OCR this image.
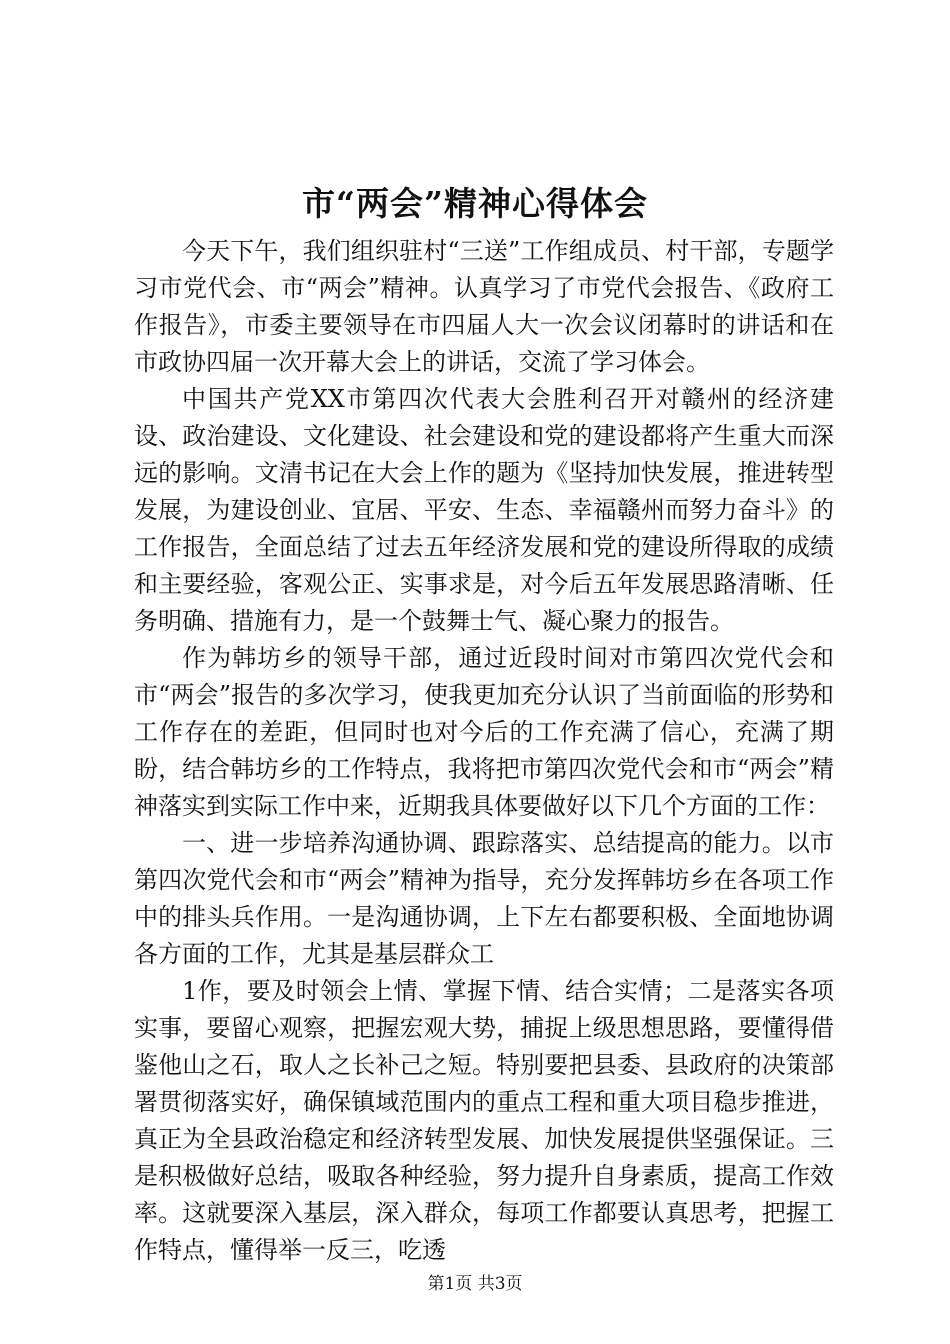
市“两会”精神心得体会

今天下午，我们组织驻村“三送”工作组成员、村干部，专题学习市党代会、市“两会”精神。认真学习了市党代会报告、《政府工作报告》，市委主要领导在市四届人大一次会议闭幕时的讲话和在市政协四届一次开幕大会上的讲话，交流了学习体会。

中国共产党XX市第四次代表大会胜利召开对赣州的经济建设、政治建设、文化建设、社会建设和党的建设都将产生重大而深远的影响。文清书记在大会上作的题为《坚持加快发展，推进转型发展，为建设创业、宜居、平安、生态、幸福赣州而努力奋斗》的工作报告，全面总结了过去五年经济发展和党的建设所得取的成绩和主要经验，客观公正、实事求是，对今后五年发展思路清晰、任务明确、措施有力，是一个鼓舞士气、凝心聚力的报告。

作为韩坊乡的领导干部，通过近段时间对市第四次党代会和市“两会”报告的多次学习，使我更加充分认识了当前面临的形势和工作存在的差距，但同时也对今后的工作充满了信心，充满了期盼，结合韩坊乡的工作特点，我将把市第四次党代会和市“两会”精神落实到实际工作中来，近期我具体要做好以下几个方面的工作：

一、进一步培养沟通协调、跟踪落实、总结提高的能力。以市第四次党代会和市“两会”精神为指导，充分发挥韩坊乡在各项工作中的排头兵作用。一是沟通协调，上下左右都要积极、全面地协调各方面的工作，尤其是基层群众工

1作，要及时领会上情、掌握下情、结合实情；二是落实各项实事，要留心观察，把握宏观大势，捕捉上级思想思路，要懂得借鉴他山之石，取人之长补己之短。特别要把县委、县政府的决策部署贯彻落实好，确保镇域范围内的重点工程和重大项目稳步推进，真正为全县政治稳定和经济转型发展、加快发展提供坚强保证。三是积极做好总结，吸取各种经验，努力提升自身素质，提高工作效率。这就要深入基层，深入群众，每项工作都要认真思考，把握工作特点，懂得举一反三，吃透

第1页 共3页
